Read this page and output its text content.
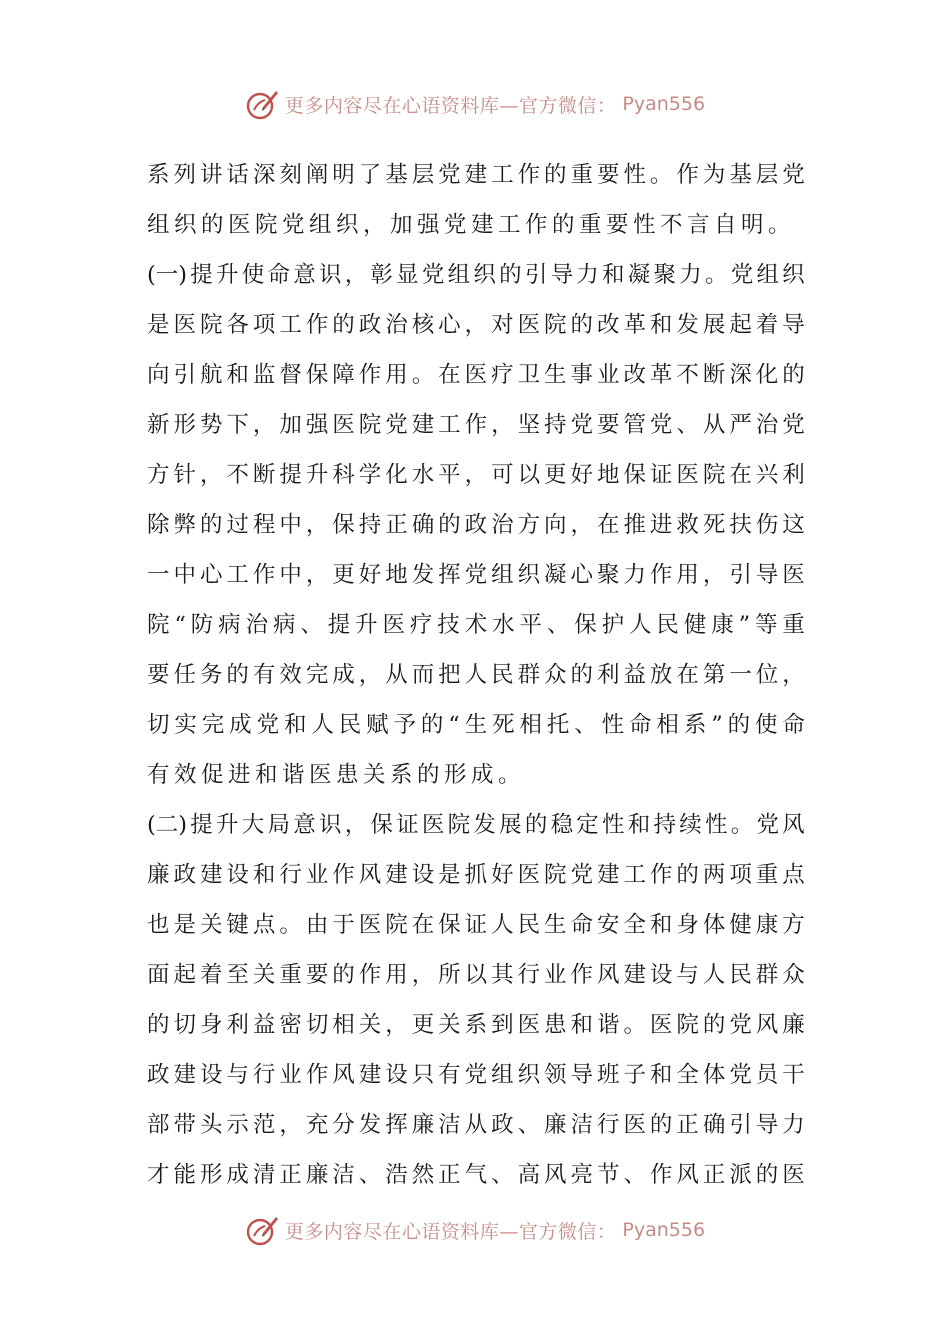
更多内容尽在心语资料库—官方微信： Pyan556
系 列 讲 话 深 刻 阐 明 了 基 层 党 建 工 作 的 重 要 性 。 作 为 基 层 党
组织的医院党组织，加强党建工作的重要性不言自明。
(一) 提 升 使 命 意 识 ， 彰 显 党 组 织 的 引 导 力 和 凝 聚 力 。 党 组 织
是 医 院 各 项 工 作 的 政 治 核 心 ， 对 医 院 的 改 革 和 发 展 起 着 导
向 引 航 和 监 督 保 障 作 用 。 在 医 疗 卫 生 事 业 改 革 不 断 深 化 的
新 形 势 下 ， 加 强 医 院 党 建 工 作 ， 坚 持 党 要 管 党 、 从 严 治 党
方 针 ， 不 断 提 升 科 学 化 水 平 ， 可 以 更 好 地 保 证 医 院 在 兴 利
除 弊 的 过 程 中 ， 保 持 正 确 的 政 治 方 向 ， 在 推 进 救 死 扶 伤 这
一 中 心 工 作 中 ， 更 好 地 发 挥 党 组 织 凝 心 聚 力 作 用 ， 引 导 医
院 “ 防 病 治 病 、 提 升 医 疗 技 术 水 平 、 保 护 人 民 健 康 ” 等 重
要 任 务 的 有 效 完 成 ， 从 而 把 人 民 群 众 的 利 益 放 在 第 一 位 ，
切 实 完 成 党 和 人 民 赋 予 的 “ 生 死 相 托 、 性 命 相 系 ” 的 使 命
有效促进和谐医患关系的形成。
(二) 提 升 大 局 意 识 ， 保 证 医 院 发 展 的 稳 定 性 和 持 续 性 。 党 风
廉 政 建 设 和 行 业 作 风 建 设 是 抓 好 医 院 党 建 工 作 的 两 项 重 点
也 是 关 键 点 。 由 于 医 院 在 保 证 人 民 生 命 安 全 和 身 体 健 康 方
面 起 着 至 关 重 要 的 作 用 ， 所 以 其 行 业 作 风 建 设 与 人 民 群 众
的 切 身 利 益 密 切 相 关 ， 更 关 系 到 医 患 和 谐 。 医 院 的 党 风 廉
政 建 设 与 行 业 作 风 建 设 只 有 党 组 织 领 导 班 子 和 全 体 党 员 干
部 带 头 示 范 ， 充 分 发 挥 廉 洁 从 政 、 廉 洁 行 医 的 正 确 引 导 力
才 能 形 成 清 正 廉 洁 、 浩 然 正 气 、 高 风 亮 节 、 作 风 正 派 的 医
更多内容尽在心语资料库—官方微信： Pyan556
